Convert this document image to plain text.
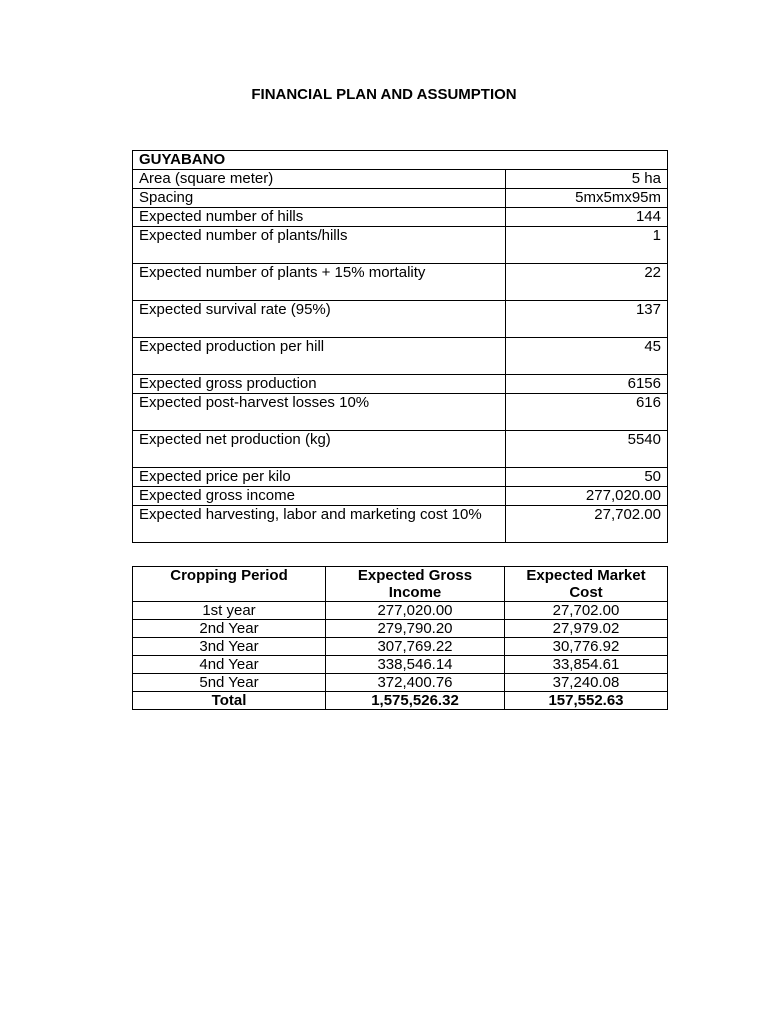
FINANCIAL PLAN AND ASSUMPTION
GUYABANO	
Area (square meter)	5 ha
Spacing	5mx5mx95m
Expected number of hills	144
Expected number of plants/hills	1
Expected number of plants + 15% mortality	22
Expected survival rate (95%)	137
Expected production per hill	45
Expected gross production	6156
Expected post-harvest losses 10%	616
Expected net production (kg)	5540
Expected price per kilo	50
Expected gross income	277,020.00
Expected harvesting, labor and marketing cost 10%	27,702.00
Cropping Period	Expected Gross Income	Expected Market Cost
1st year	277,020.00	27,702.00
2nd Year	279,790.20	27,979.02
3nd Year	307,769.22	30,776.92
4nd Year	338,546.14	33,854.61
5nd Year	372,400.76	37,240.08
Total	1,575,526.32	157,552.63
